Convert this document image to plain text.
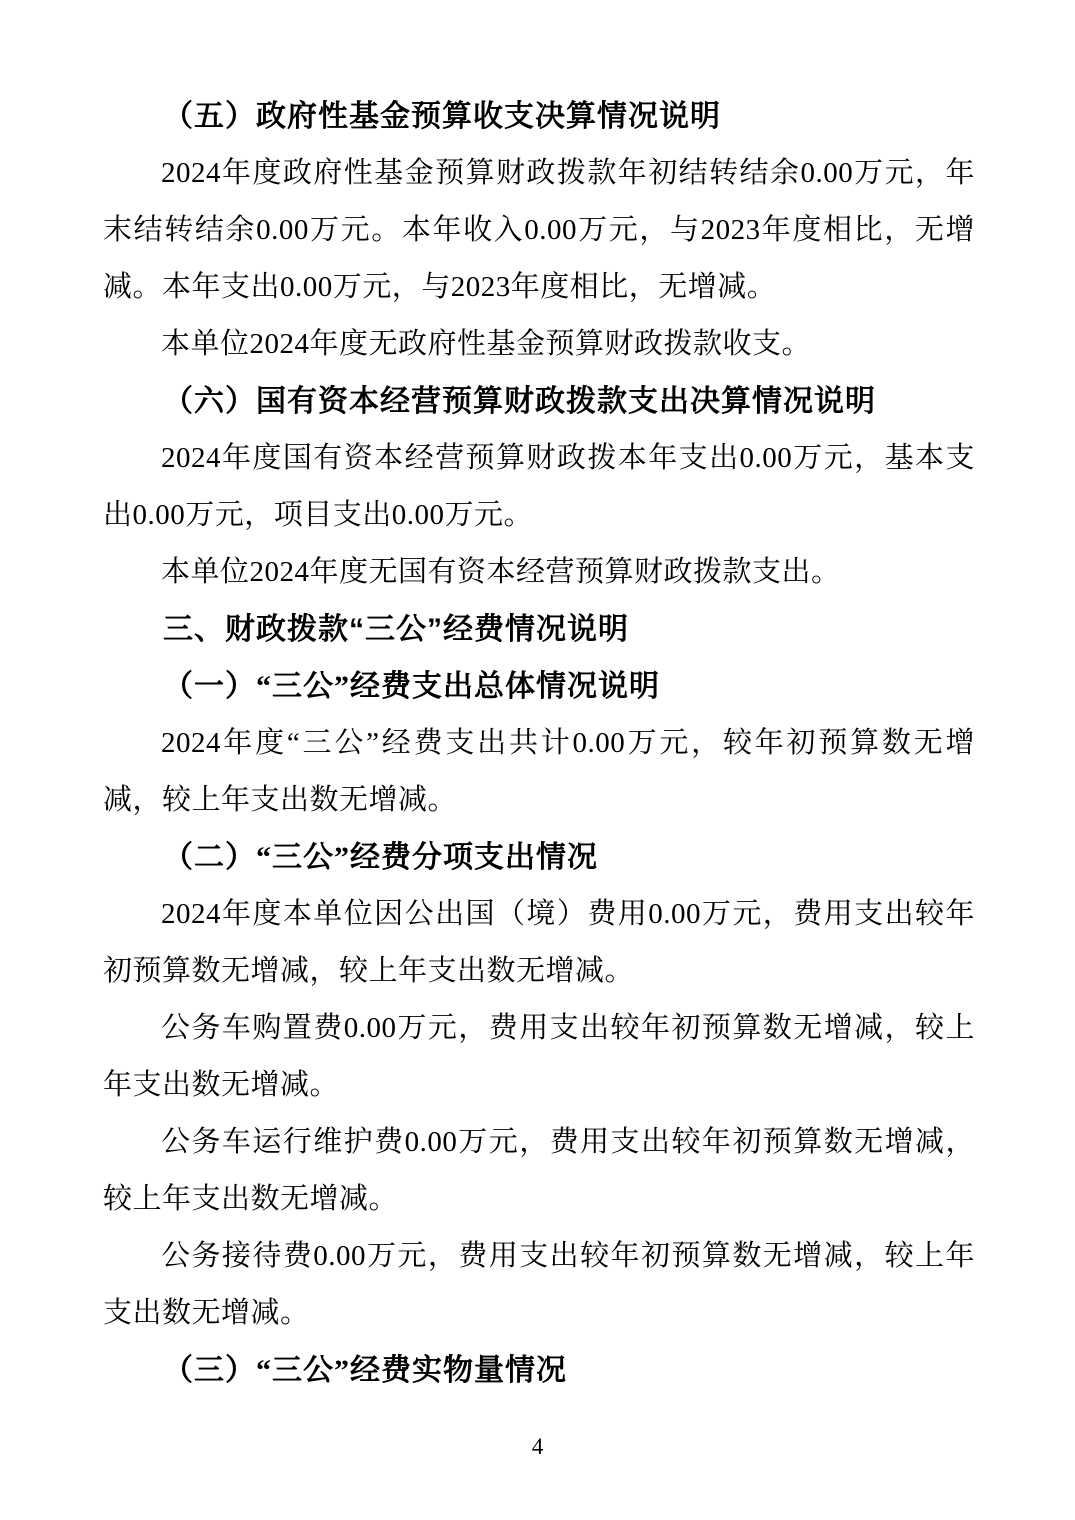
（五）政府性基金预算收支决算情况说明

2024年度政府性基金预算财政拨款年初结转结余0.00万元，年末结转结余0.00万元。本年收入0.00万元，与2023年度相比，无增减。本年支出0.00万元，与2023年度相比，无增减。

本单位2024年度无政府性基金预算财政拨款收支。

（六）国有资本经营预算财政拨款支出决算情况说明

2024年度国有资本经营预算财政拨本年支出0.00万元，基本支出0.00万元，项目支出0.00万元。

本单位2024年度无国有资本经营预算财政拨款支出。

三、财政拨款“三公”经费情况说明

（一）“三公”经费支出总体情况说明

2024年度“三公”经费支出共计0.00万元，较年初预算数无增减，较上年支出数无增减。

（二）“三公”经费分项支出情况

2024年度本单位因公出国（境）费用0.00万元，费用支出较年初预算数无增减，较上年支出数无增减。

公务车购置费0.00万元，费用支出较年初预算数无增减，较上年支出数无增减。

公务车运行维护费0.00万元，费用支出较年初预算数无增减，较上年支出数无增减。

公务接待费0.00万元，费用支出较年初预算数无增减，较上年支出数无增减。

（三）“三公”经费实物量情况

4
